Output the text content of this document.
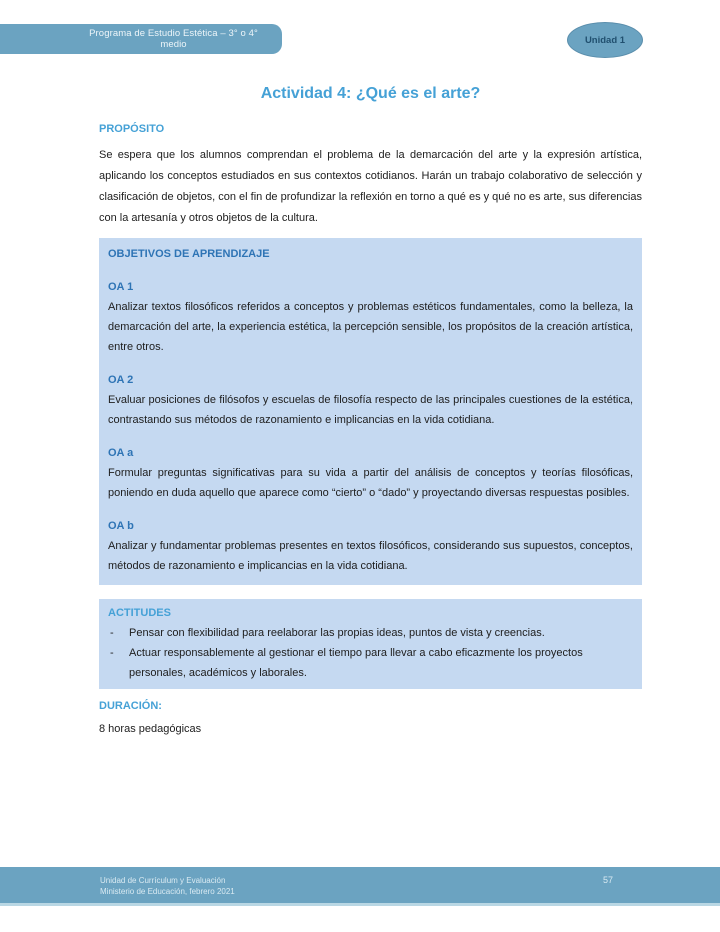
Programa de Estudio Estética – 3° o 4° medio	Unidad 1
Actividad 4: ¿Qué es el arte?
PROPÓSITO
Se espera que los alumnos comprendan el problema de la demarcación del arte y la expresión artística, aplicando los conceptos estudiados en sus contextos cotidianos. Harán un trabajo colaborativo de selección y clasificación de objetos, con el fin de profundizar la reflexión en torno a qué es y qué no es arte, sus diferencias con la artesanía y otros objetos de la cultura.
OBJETIVOS DE APRENDIZAJE
OA 1
Analizar textos filosóficos referidos a conceptos y problemas estéticos fundamentales, como la belleza, la demarcación del arte, la experiencia estética, la percepción sensible, los propósitos de la creación artística, entre otros.
OA 2
Evaluar posiciones de filósofos y escuelas de filosofía respecto de las principales cuestiones de la estética, contrastando sus métodos de razonamiento e implicancias en la vida cotidiana.
OA a
Formular preguntas significativas para su vida a partir del análisis de conceptos y teorías filosóficas, poniendo en duda aquello que aparece como “cierto” o “dado” y proyectando diversas respuestas posibles.
OA b
Analizar y fundamentar problemas presentes en textos filosóficos, considerando sus supuestos, conceptos, métodos de razonamiento e implicancias en la vida cotidiana.
ACTITUDES
-	Pensar con flexibilidad para reelaborar las propias ideas, puntos de vista y creencias.
-	Actuar responsablemente al gestionar el tiempo para llevar a cabo eficazmente los proyectos personales, académicos y laborales.
DURACIÓN:
8 horas pedagógicas
Unidad de Currículum y Evaluación
Ministerio de Educación, febrero 2021
57
